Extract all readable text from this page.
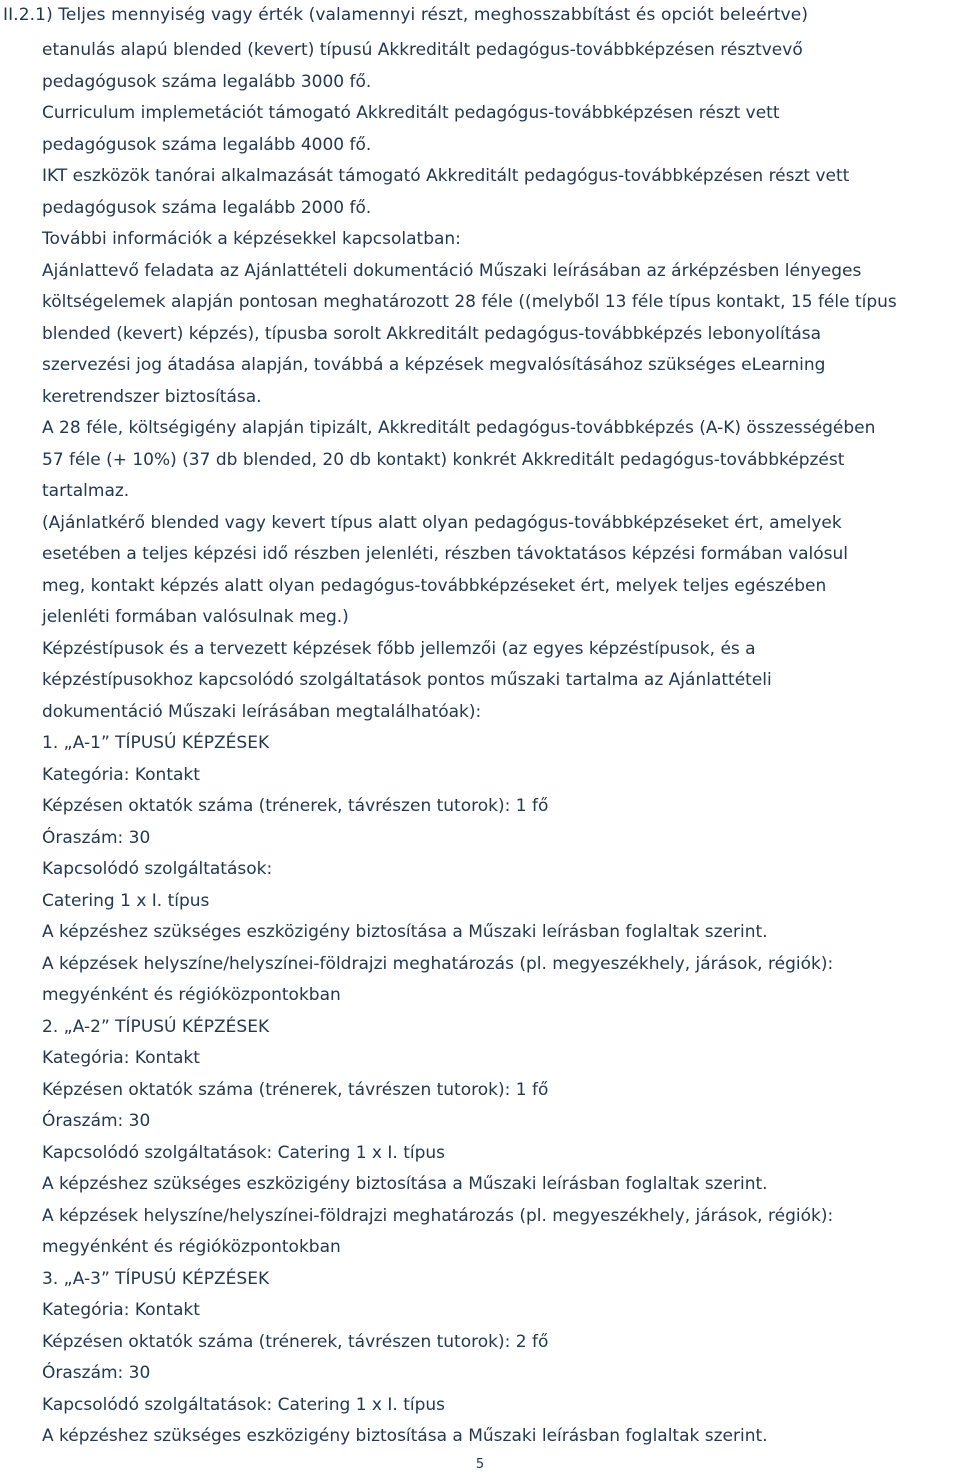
II.2.1) Teljes mennyiség vagy érték (valamennyi részt, meghosszabbítást és opciót beleértve)
etanulás alapú blended (kevert) típusú Akkreditált pedagógus-továbbképzésen résztvevő
pedagógusok száma legalább 3000 fő.
Curriculum implemetációt támogató Akkreditált pedagógus-továbbképzésen részt vett
pedagógusok száma legalább 4000 fő.
IKT eszközök tanórai alkalmazását támogató Akkreditált pedagógus-továbbképzésen részt vett
pedagógusok száma legalább 2000 fő.
További információk a képzésekkel kapcsolatban:
Ajánlattevő feladata az Ajánlattételi dokumentáció Műszaki leírásában az árképzésben lényeges
költségelemek alapján pontosan meghatározott 28 féle ((melyből 13 féle típus kontakt, 15 féle típus
blended (kevert) képzés), típusba sorolt Akkreditált pedagógus-továbbképzés lebonyolítása
szervezési jog átadása alapján, továbbá a képzések megvalósításához szükséges eLearning
keretrendszer biztosítása.
A 28 féle, költségigény alapján tipizált, Akkreditált pedagógus-továbbképzés (A-K) összességében
57 féle (+ 10%) (37 db blended, 20 db kontakt) konkrét Akkreditált pedagógus-továbbképzést
tartalmaz.
(Ajánlatkérő blended vagy kevert típus alatt olyan pedagógus-továbbképzéseket ért, amelyek
esetében a teljes képzési idő részben jelenléti, részben távoktatásos képzési formában valósul
meg, kontakt képzés alatt olyan pedagógus-továbbképzéseket ért, melyek teljes egészében
jelenléti formában valósulnak meg.)
Képzéstípusok és a tervezett képzések főbb jellemzői (az egyes képzéstípusok, és a
képzéstípusokhoz kapcsolódó szolgáltatások pontos műszaki tartalma az Ajánlattételi
dokumentáció Műszaki leírásában megtalálhatóak):
1. „A-1” TÍPUSÚ KÉPZÉSEK
Kategória: Kontakt
Képzésen oktatók száma (trénerek, távrészen tutorok): 1 fő
Óraszám: 30
Kapcsolódó szolgáltatások:
Catering 1 x I. típus
A képzéshez szükséges eszközigény biztosítása a Műszaki leírásban foglaltak szerint.
A képzések helyszíne/helyszínei-földrajzi meghatározás (pl. megyeszékhely, járások, régiók):
megyénként és régióközpontokban
2. „A-2” TÍPUSÚ KÉPZÉSEK
Kategória: Kontakt
Képzésen oktatók száma (trénerek, távrészen tutorok): 1 fő
Óraszám: 30
Kapcsolódó szolgáltatások: Catering 1 x I. típus
A képzéshez szükséges eszközigény biztosítása a Műszaki leírásban foglaltak szerint.
A képzések helyszíne/helyszínei-földrajzi meghatározás (pl. megyeszékhely, járások, régiók):
megyénként és régióközpontokban
3. „A-3” TÍPUSÚ KÉPZÉSEK
Kategória: Kontakt
Képzésen oktatók száma (trénerek, távrészen tutorok): 2 fő
Óraszám: 30
Kapcsolódó szolgáltatások: Catering 1 x I. típus
A képzéshez szükséges eszközigény biztosítása a Műszaki leírásban foglaltak szerint.
5
